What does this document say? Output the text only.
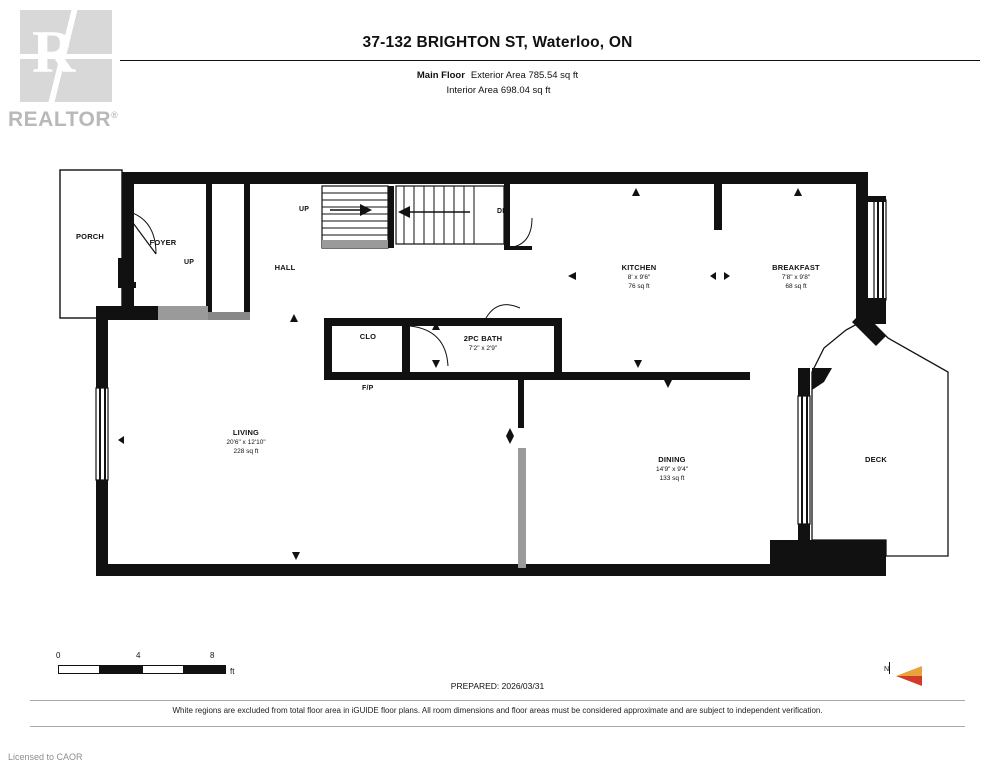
R
REALTOR®
37-132 BRIGHTON ST, Waterloo, ON
Main Floor Exterior Area 785.54 sq ft
Interior Area 698.04 sq ft
PORCH
FOYER
HALL
CLO
KITCHEN
8' x 9'6"
76 sq ft
BREAKFAST
7'8" x 9'8"
68 sq ft
2PC BATH
7'2" x 2'9"
LIVING
20'6" x 12'10"
228 sq ft
DINING
14'9" x 9'4"
133 sq ft
DECK
UP
UP
DN
F/P
0	4	8
ft	N
PREPARED: 2026/03/31
White regions are excluded from total floor area in iGUIDE floor plans. All room dimensions and floor areas must be considered approximate and are subject to independent verification.
Licensed to CAOR
